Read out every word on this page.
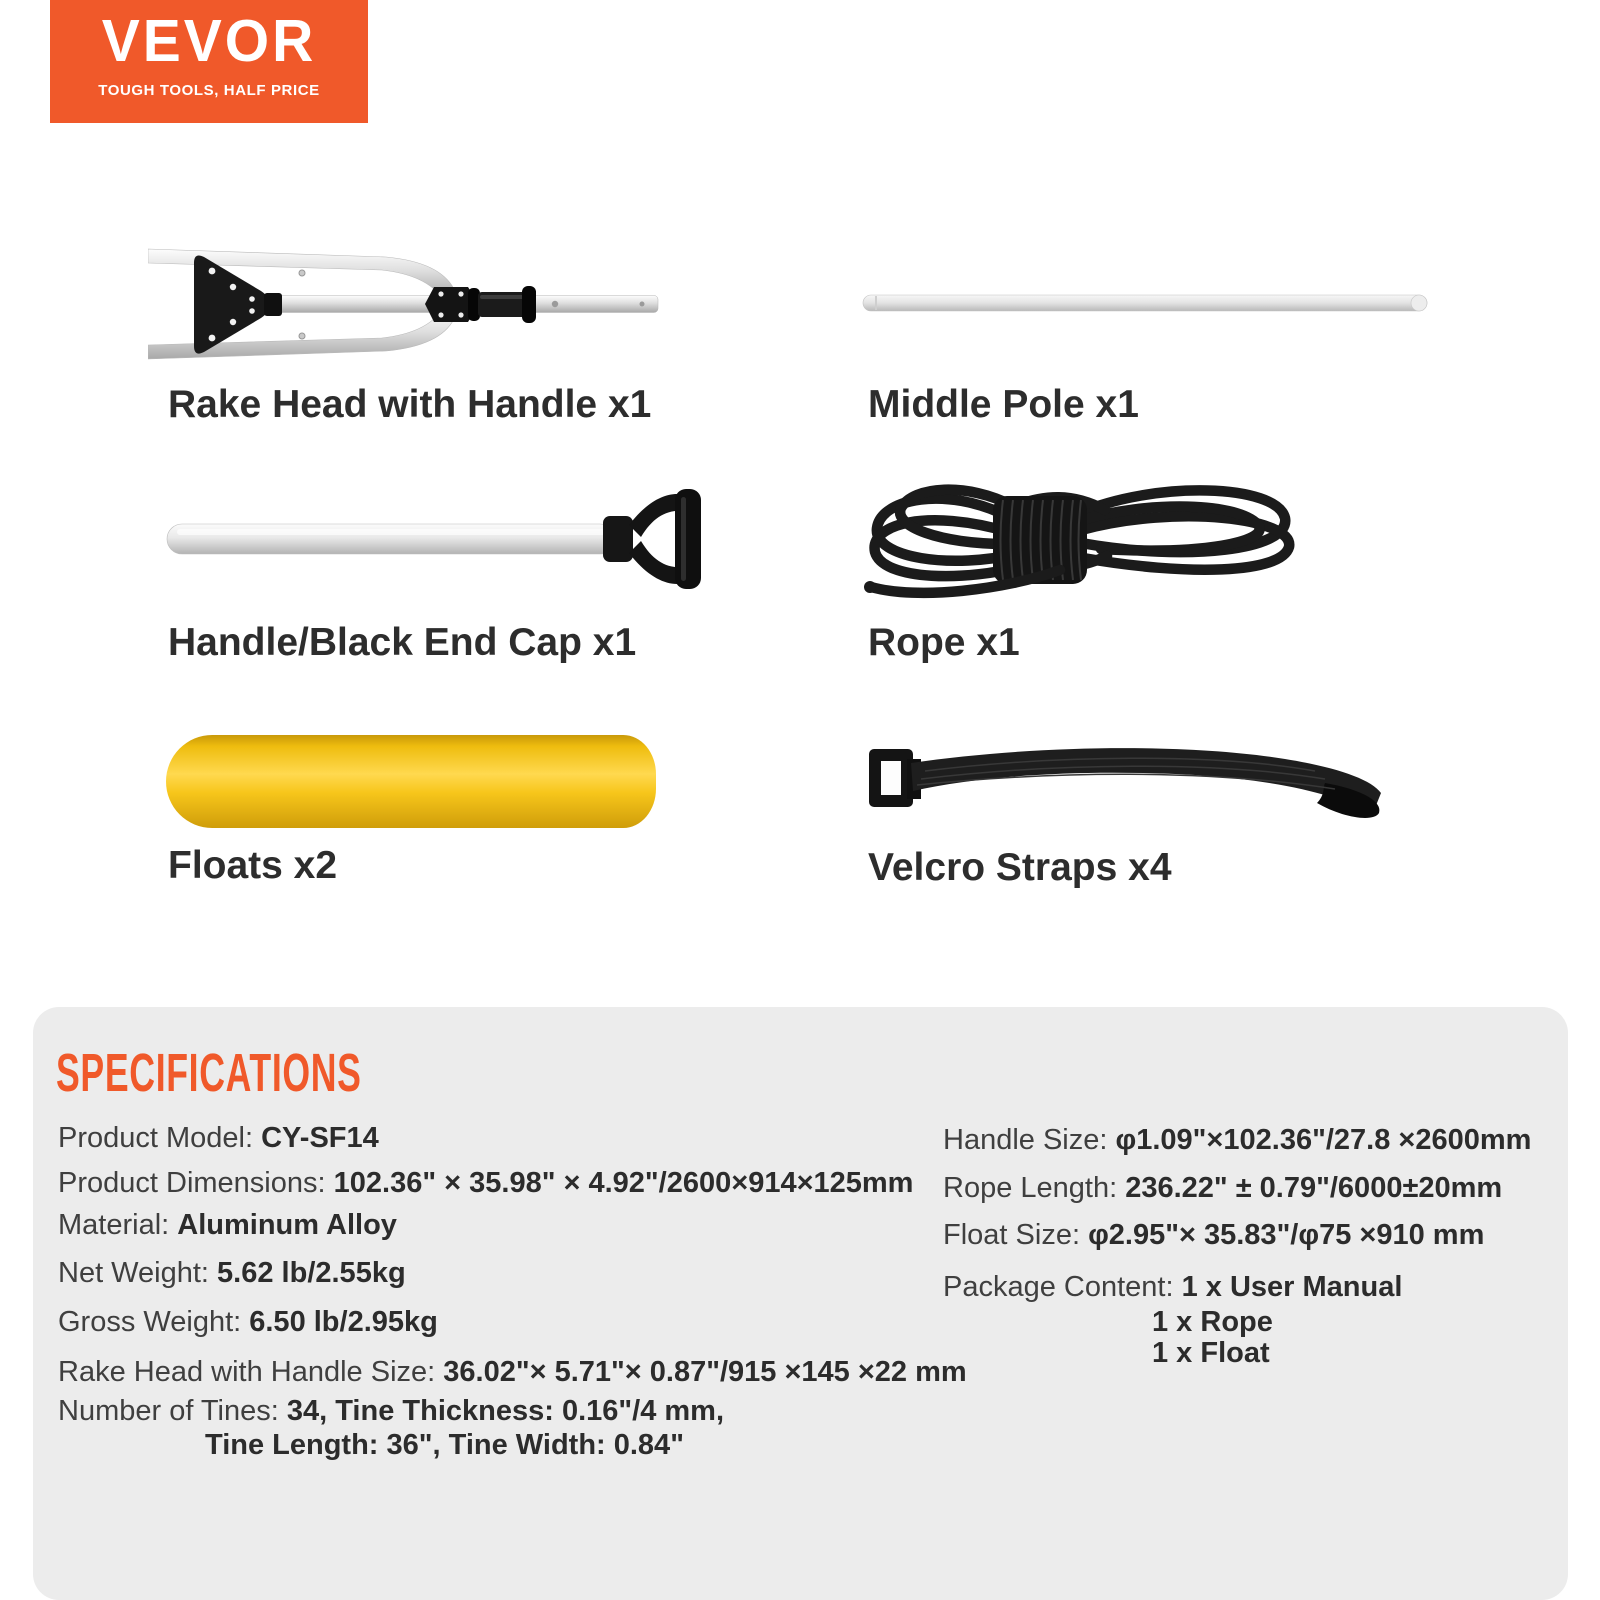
VEVOR
TOUGH TOOLS, HALF PRICE
Rake Head with Handle x1	Middle Pole x1
Handle/Black End Cap x1	Rope x1
Floats x2	Velcro Straps x4
SPECIFICATIONS
Product Model: CY-SF14
Product Dimensions: 102.36" × 35.98" × 4.92"/2600×914×125mm
Material: Aluminum Alloy
Net Weight: 5.62 lb/2.55kg
Gross Weight: 6.50 lb/2.95kg
Rake Head with Handle Size: 36.02"× 5.71"× 0.87"/915 ×145 ×22 mm
Number of Tines: 34, Tine Thickness: 0.16"/4 mm,
Tine Length: 36", Tine Width: 0.84"
Handle Size: φ1.09"×102.36"/27.8 ×2600mm
Rope Length: 236.22" ± 0.79"/6000±20mm
Float Size: φ2.95"× 35.83"/φ75 ×910 mm
Package Content: 1 x User Manual
1 x Rope
1 x Float
